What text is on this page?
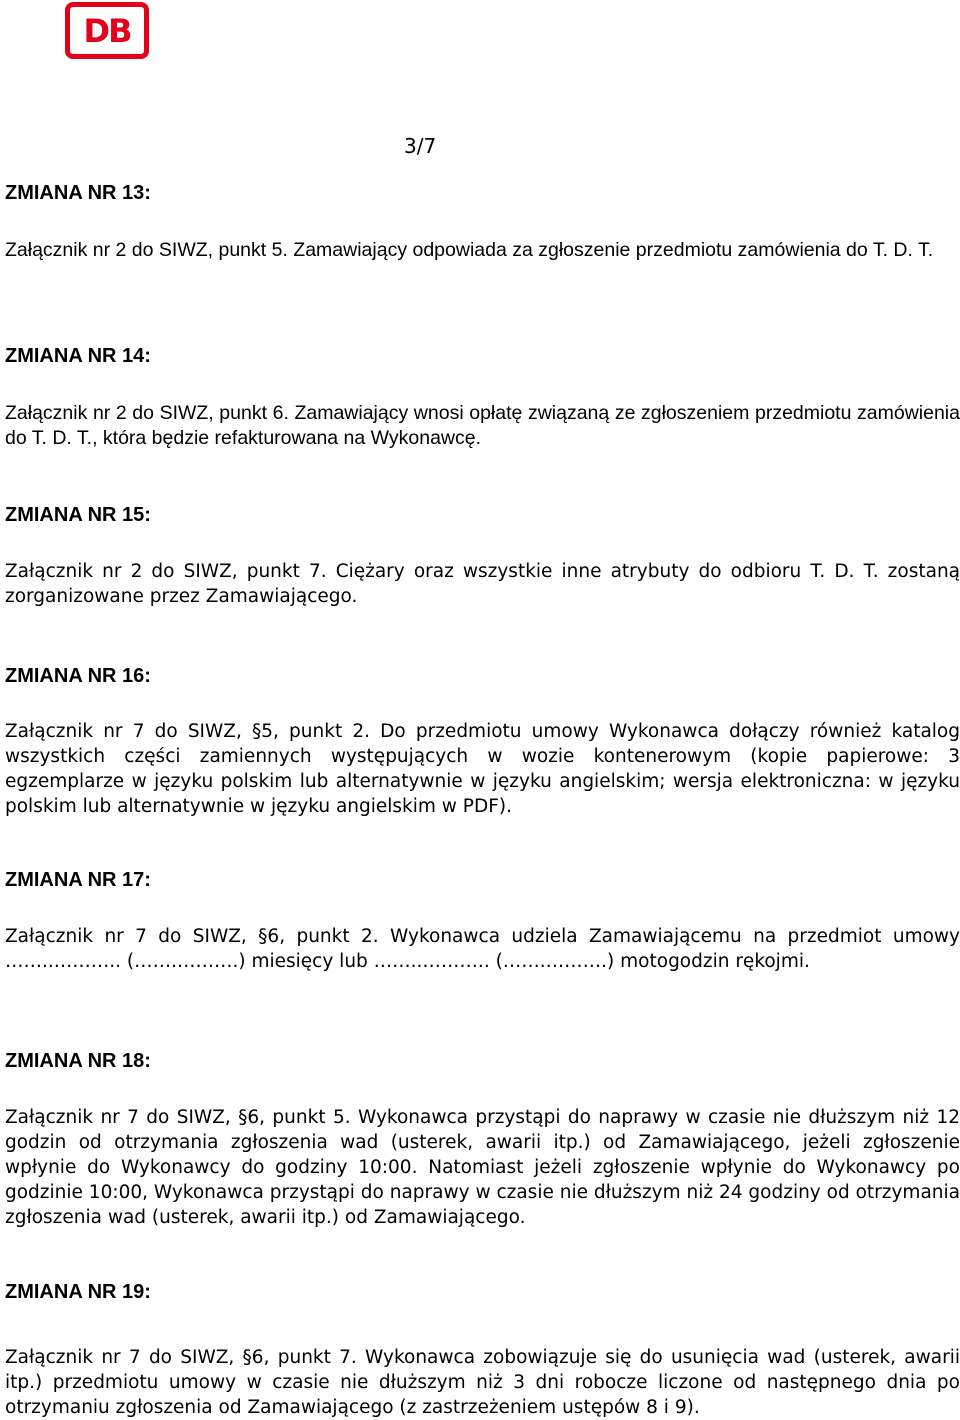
DB
3/7
ZMIANA NR 13:
Załącznik nr 2 do SIWZ, punkt 5. Zamawiający odpowiada za zgłoszenie przedmiotu zamówienia do T. D. T.
ZMIANA NR 14:
Załącznik nr 2 do SIWZ, punkt 6. Zamawiający wnosi opłatę związaną ze zgłoszeniem przedmiotu zamówienia do T. D. T., która będzie refakturowana na Wykonawcę.
ZMIANA NR 15:
Załącznik nr 2 do SIWZ, punkt 7. Ciężary oraz wszystkie inne atrybuty do odbioru T. D. T. zostaną zorganizowane przez Zamawiającego.
ZMIANA NR 16:
Załącznik nr 7 do SIWZ, §5, punkt 2. Do przedmiotu umowy Wykonawca dołączy również katalog wszystkich części zamiennych występujących w wozie kontenerowym (kopie papierowe: 3 egzemplarze w języku polskim lub alternatywnie w języku angielskim; wersja elektroniczna: w języku polskim lub alternatywnie w języku angielskim w PDF).
ZMIANA NR 17:
Załącznik nr 7 do SIWZ, §6, punkt 2. Wykonawca udziela Zamawiającemu na przedmiot umowy ……..……….. (…….……….) miesięcy lub ……..……….. (…….……….) motogodzin rękojmi.
ZMIANA NR 18:
Załącznik nr 7 do SIWZ, §6, punkt 5. Wykonawca przystąpi do naprawy w czasie nie dłuższym niż 12 godzin od otrzymania zgłoszenia wad (usterek, awarii itp.) od Zamawiającego, jeżeli zgłoszenie wpłynie do Wykonawcy do godziny 10:00. Natomiast jeżeli zgłoszenie wpłynie do Wykonawcy po godzinie 10:00, Wykonawca przystąpi do naprawy w czasie nie dłuższym niż 24 godziny od otrzymania zgłoszenia wad (usterek, awarii itp.) od Zamawiającego.
ZMIANA NR 19:
Załącznik nr 7 do SIWZ, §6, punkt 7. Wykonawca zobowiązuje się do usunięcia wad (usterek, awarii itp.) przedmiotu umowy w czasie nie dłuższym niż 3 dni robocze liczone od następnego dnia po otrzymaniu zgłoszenia od Zamawiającego (z zastrzeżeniem ustępów 8 i 9).
